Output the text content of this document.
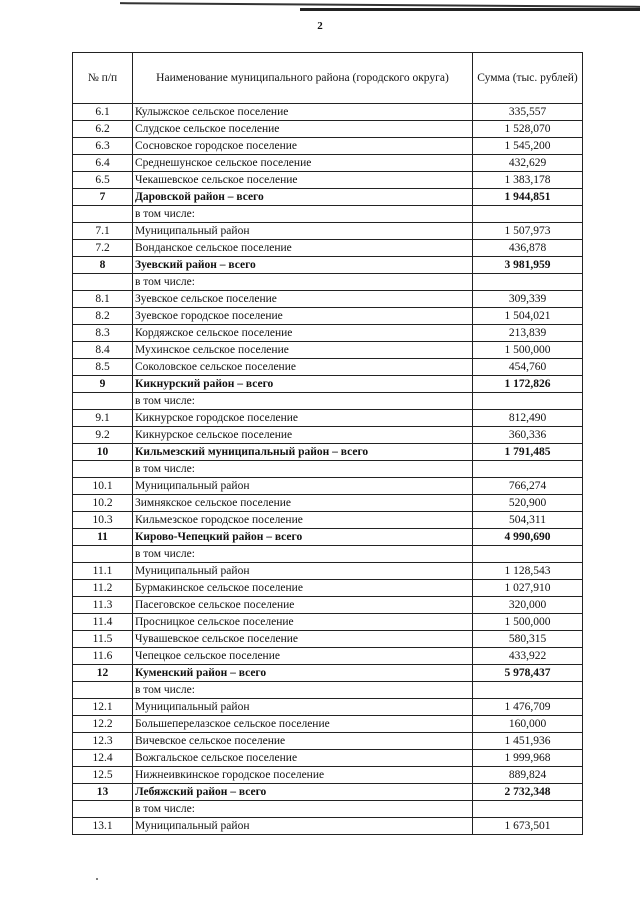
2
№ п/п	Наименование муниципального района (городского округа)	Сумма (тыс. рублей)
6.1	Кулыжское сельское поселение	335,557
6.2	Слудское сельское поселение	1 528,070
6.3	Сосновское городское поселение	1 545,200
6.4	Среднешунское сельское поселение	432,629
6.5	Чекашевское сельское поселение	1 383,178
7	Даровской район – всего	1 944,851
	в том числе:	
7.1	Муниципальный район	1 507,973
7.2	Вонданское сельское поселение	436,878
8	Зуевский район – всего	3 981,959
	в том числе:	
8.1	Зуевское сельское поселение	309,339
8.2	Зуевское городское поселение	1 504,021
8.3	Кордяжское сельское поселение	213,839
8.4	Мухинское сельское поселение	1 500,000
8.5	Соколовское сельское поселение	454,760
9	Кикнурский район – всего	1 172,826
	в том числе:	
9.1	Кикнурское городское поселение	812,490
9.2	Кикнурское сельское поселение	360,336
10	Кильмезский муниципальный район – всего	1 791,485
	в том числе:	
10.1	Муниципальный район	766,274
10.2	Зимнякское сельское поселение	520,900
10.3	Кильмезское городское поселение	504,311
11	Кирово-Чепецкий район – всего	4 990,690
	в том числе:	
11.1	Муниципальный район	1 128,543
11.2	Бурмакинское сельское поселение	1 027,910
11.3	Пасеговское сельское поселение	320,000
11.4	Просницкое сельское поселение	1 500,000
11.5	Чувашевское сельское поселение	580,315
11.6	Чепецкое сельское поселение	433,922
12	Куменский район – всего	5 978,437
	в том числе:	
12.1	Муниципальный район	1 476,709
12.2	Большеперелазское сельское поселение	160,000
12.3	Вичевское сельское поселение	1 451,936
12.4	Вожгальское сельское поселение	1 999,968
12.5	Нижнеивкинское городское поселение	889,824
13	Лебяжский район – всего	2 732,348
	в том числе:	
13.1	Муниципальный район	1 673,501
